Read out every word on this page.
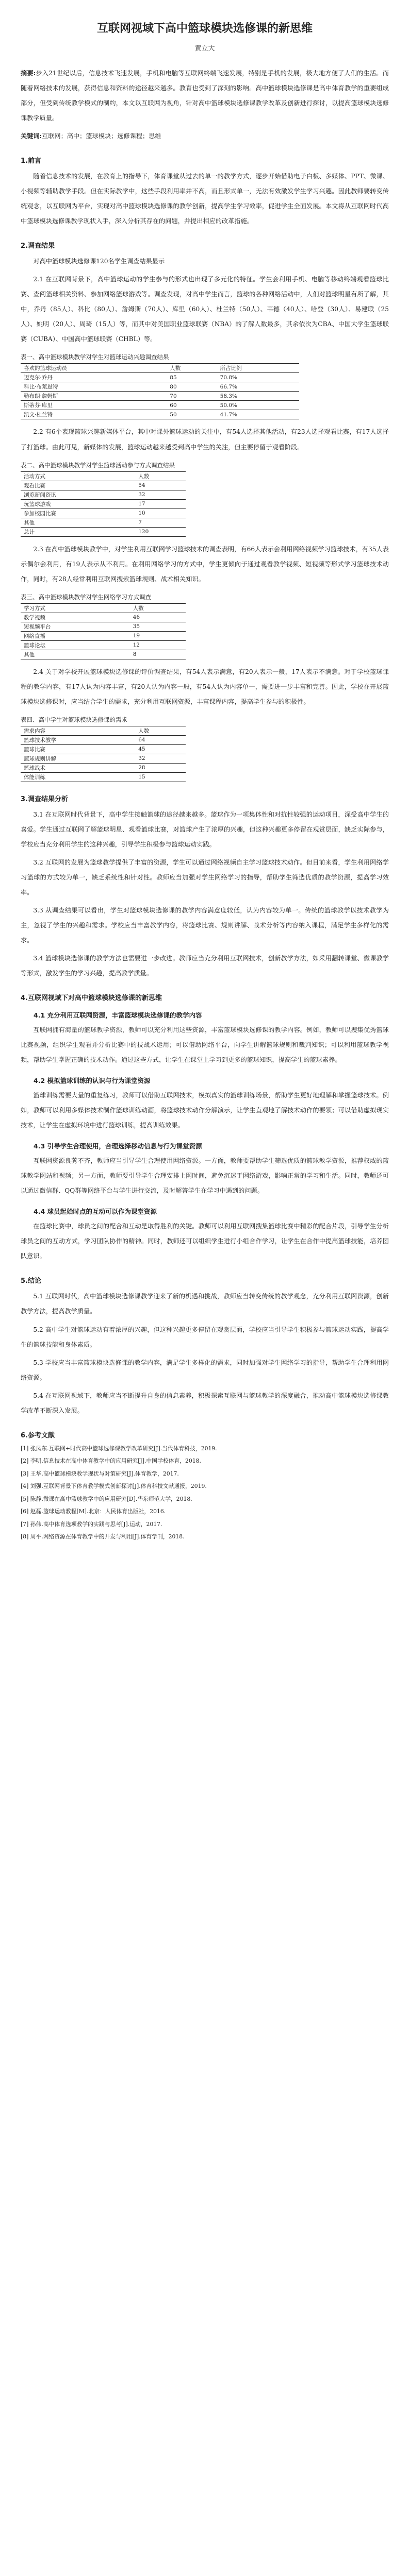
互联网视域下高中篮球模块选修课的新思维
黄立大

摘要:步入21世纪以后，信息技术飞速发展，手机和电脑等互联网终端飞速发展，特别是手机的发展，极大地方便了人们的生活。而随着网络技术的发展，获得信息和资料的途径越来越多。教育也受到了深刻的影响。高中篮球模块选修课是高中体育教学的重要组成部分，但受到传统教学模式的制约，本文以互联网为视角，针对高中篮球模块选修课教学改革及创新进行探讨，以提高篮球模块选修课教学质量。

关键词:互联网；高中；篮球模块；选修课程；思维

1.前言

随着信息技术的发展，在教育上的指导下，体育课堂从过去的单一的教学方式，逐步开始借助电子白板、多媒体、PPT、微课、小视频等辅助教学手段。但在实际教学中，这些手段利用率并不高，而且形式单一，无法有效激发学生学习兴趣。因此教师要转变传统观念，以互联网为平台，实现对高中篮球模块选修课的教学创新，提高学生学习效率，促进学生全面发展。本文将从互联网时代高中篮球模块选修课教学现状入手，深入分析其存在的问题，并提出相应的改革措施。

2.调查结果

对高中篮球模块选修课120名学生调查结果显示

2.1 在互联网背景下，高中篮球运动的学生参与的形式也出现了多元化的特征。学生会利用手机、电脑等移动终端观看篮球比赛、查阅篮球相关资料、参加网络篮球游戏等。调查发现，对高中学生而言，篮球的各种网络活动中，人们对篮球明星有所了解，其中，乔丹（85人）、科比（80人）、詹姆斯（70人）、库里（60人）、杜兰特（50人）、韦德（40人）、哈登（30人）、易建联（25人）、姚明（20人）、周琦（15人）等，而其中对美国职业篮球联赛（NBA）的了解人数最多，其余依次为CBA、中国大学生篮球联赛（CUBA）、中国高中篮球联赛（CHBL）等。

表一、高中篮球模块教学对学生对篮球运动兴趣调查结果
喜欢的篮球运动员	人数	所占比例
迈克尔·乔丹	85	70.8%
科比·布莱恩特	80	66.7%
勒布朗·詹姆斯	70	58.3%
斯蒂芬·库里	60	50.0%
凯文·杜兰特	50	41.7%

2.2 有6个表现篮球兴趣新媒体平台，其中对课外篮球运动的关注中，有54人选择其他活动，有23人选择观看比赛，有17人选择了打篮球。由此可见，新媒体的发展，篮球运动越来越受到高中学生的关注，但主要停留于观看阶段。

表二、高中篮球模块教学对学生篮球活动参与方式调查结果
活动方式	人数
观看比赛	54
浏览新闻资讯	32
玩篮球游戏	17
参加校园比赛	10
其他	7
总计	120

2.3 在高中篮球模块教学中，对学生利用互联网学习篮球技术的调查表明，有66人表示会利用网络视频学习篮球技术，有35人表示偶尔会利用，有19人表示从不利用。在利用网络学习的方式中，学生更倾向于通过观看教学视频、短视频等形式学习篮球技术动作，同时，有28人经常利用互联网搜索篮球规则、战术相关知识。

表三、高中篮球模块教学对学生网络学习方式调查
学习方式	人数
教学视频	46
短视频平台	35
网络直播	19
篮球论坛	12
其他	8

2.4 关于对学校开展篮球模块选修课的评价调查结果，有54人表示满意，有20人表示一般，17人表示不满意。对于学校篮球课程的教学内容，有17人认为内容丰富，有20人认为内容一般，有54人认为内容单一，需要进一步丰富和完善。因此，学校在开展篮球模块选修课时，应当结合学生的需求，充分利用互联网资源，丰富课程内容，提高学生参与的积极性。

表四、高中学生对篮球模块选修课的需求
需求内容	人数
篮球技术教学	64
篮球比赛	45
篮球规则讲解	32
篮球战术	28
体能训练	15
3.调查结果分析

3.1 在互联网时代背景下，高中学生接触篮球的途径越来越多。篮球作为一项集体性和对抗性较强的运动项目，深受高中学生的喜爱。学生通过互联网了解篮球明星、观看篮球比赛，对篮球产生了浓厚的兴趣，但这种兴趣更多停留在观赏层面，缺乏实际参与，学校应当充分利用学生的这种兴趣，引导学生积极参与篮球运动实践。

3.2 互联网的发展为篮球教学提供了丰富的资源，学生可以通过网络视频自主学习篮球技术动作。但目前来看，学生利用网络学习篮球的方式较为单一，缺乏系统性和针对性。教师应当加强对学生网络学习的指导，帮助学生筛选优质的教学资源，提高学习效率。

3.3 从调查结果可以看出，学生对篮球模块选修课的教学内容满意度较低，认为内容较为单一。传统的篮球教学以技术教学为主，忽视了学生的兴趣和需求。学校应当丰富教学内容，将篮球比赛、规则讲解、战术分析等内容纳入课程，满足学生多样化的需求。

3.4 篮球模块选修课的教学方法也需要进一步改进。教师应当充分利用互联网技术，创新教学方法，如采用翻转课堂、微课教学等形式，激发学生的学习兴趣，提高教学质量。

4.互联网视域下对高中篮球模块选修课的新思维
4.1 充分利用互联网资源，丰富篮球模块选修课的教学内容

互联网拥有海量的篮球教学资源，教师可以充分利用这些资源，丰富篮球模块选修课的教学内容。例如，教师可以搜集优秀篮球比赛视频，组织学生观看并分析比赛中的技战术运用；可以借助网络平台，向学生讲解篮球规则和裁判知识；可以利用篮球教学视频，帮助学生掌握正确的技术动作。通过这些方式，让学生在课堂上学习到更多的篮球知识，提高学生的篮球素养。

4.2 模拟篮球训练的认识与行为课堂资源

篮球训练需要大量的重复练习，教师可以借助互联网技术，模拟真实的篮球训练场景，帮助学生更好地理解和掌握篮球技术。例如，教师可以利用多媒体技术制作篮球训练动画，将篮球技术动作分解演示，让学生直观地了解技术动作的要领；可以借助虚拟现实技术，让学生在虚拟环境中进行篮球训练，提高训练效果。

4.3 引导学生合理使用，合理选择移动信息与行为课堂资源

互联网资源良莠不齐，教师应当引导学生合理使用网络资源。一方面，教师要帮助学生筛选优质的篮球教学资源，推荐权威的篮球教学网站和视频；另一方面，教师要引导学生合理安排上网时间，避免沉迷于网络游戏，影响正常的学习和生活。同时，教师还可以通过微信群、QQ群等网络平台与学生进行交流，及时解答学生在学习中遇到的问题。

4.4 球员起始时点的互动可以作为课堂资源

在篮球比赛中，球员之间的配合和互动是取得胜利的关键。教师可以利用互联网搜集篮球比赛中精彩的配合片段，引导学生分析球员之间的互动方式，学习团队协作的精神。同时，教师还可以组织学生进行小组合作学习，让学生在合作中提高篮球技能，培养团队意识。

5.结论

5.1 互联网时代，高中篮球模块选修课教学迎来了新的机遇和挑战，教师应当转变传统的教学观念，充分利用互联网资源，创新教学方法，提高教学质量。

5.2 高中学生对篮球运动有着浓厚的兴趣，但这种兴趣更多停留在观赏层面，学校应当引导学生积极参与篮球运动实践，提高学生的篮球技能和身体素质。

5.3 学校应当丰富篮球模块选修课的教学内容，满足学生多样化的需求，同时加强对学生网络学习的指导，帮助学生合理利用网络资源。

5.4 在互联网视域下，教师应当不断提升自身的信息素养，积极探索互联网与篮球教学的深度融合，推动高中篮球模块选修课教学改革不断深入发展。

6.参考文献

[1] 张凤东.互联网+时代高中篮球选修课教学改革研究[J].当代体育科技，2019.

[2] 李明.信息技术在高中体育教学中的应用研究[J].中国学校体育，2018.

[3] 王华.高中篮球模块教学现状与对策研究[J].体育教学，2017.

[4] 刘强.互联网背景下体育教学模式创新探讨[J].体育科技文献通报，2019.

[5] 陈静.微课在高中篮球教学中的应用研究[D].华东师范大学，2018.

[6] 赵磊.篮球运动教程[M].北京：人民体育出版社，2016.

[7] 孙伟.高中体育选项教学的实践与思考[J].运动，2017.

[8] 周平.网络资源在体育教学中的开发与利用[J].体育学刊，2018.
